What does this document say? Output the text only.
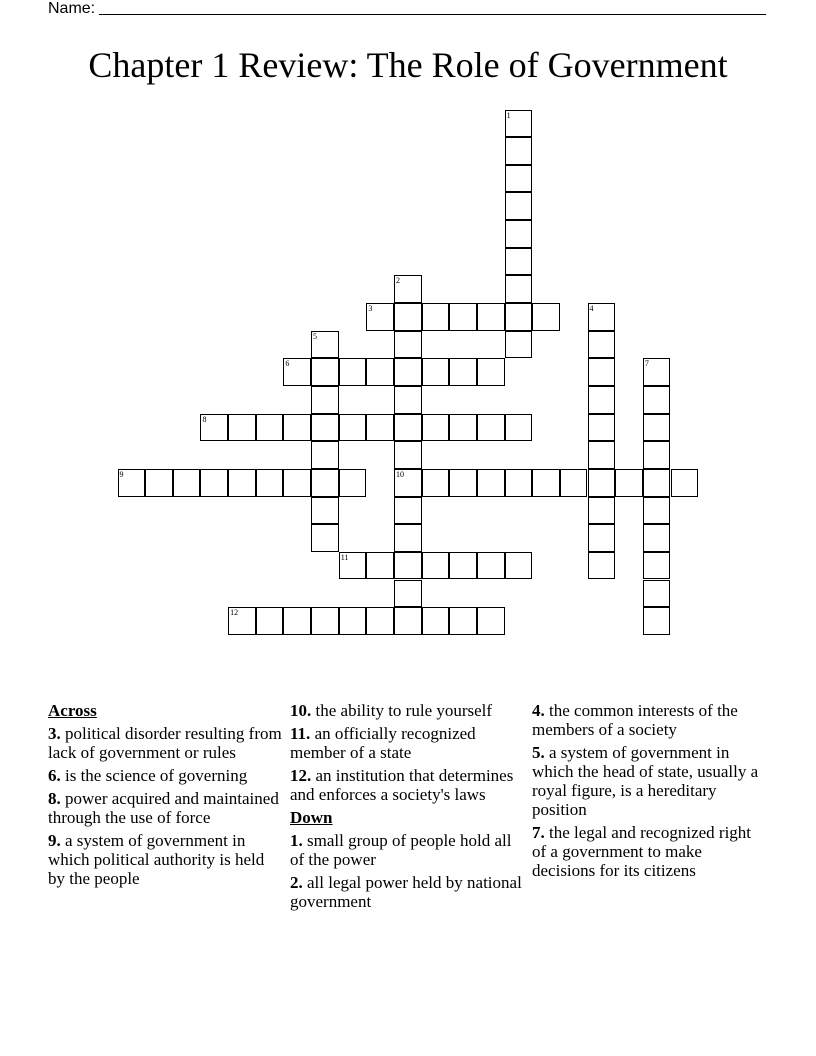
Name:
Chapter 1 Review: The Role of Government
1
2
10
3	4
5
6	7
8
9
11
12
Across
3. political disorder resulting from lack of government or rules
6. is the science of governing
8. power acquired and maintained through the use of force
9. a system of government in which political authority is held by the people
10. the ability to rule yourself
11. an officially recognized member of a state
12. an institution that determines and enforces a society's laws
Down
1. small group of people hold all of the power
2. all legal power held by national government
4. the common interests of the members of a society
5. a system of government in which the head of state, usually a royal figure, is a hereditary position
7. the legal and recognized right of a government to make decisions for its citizens
